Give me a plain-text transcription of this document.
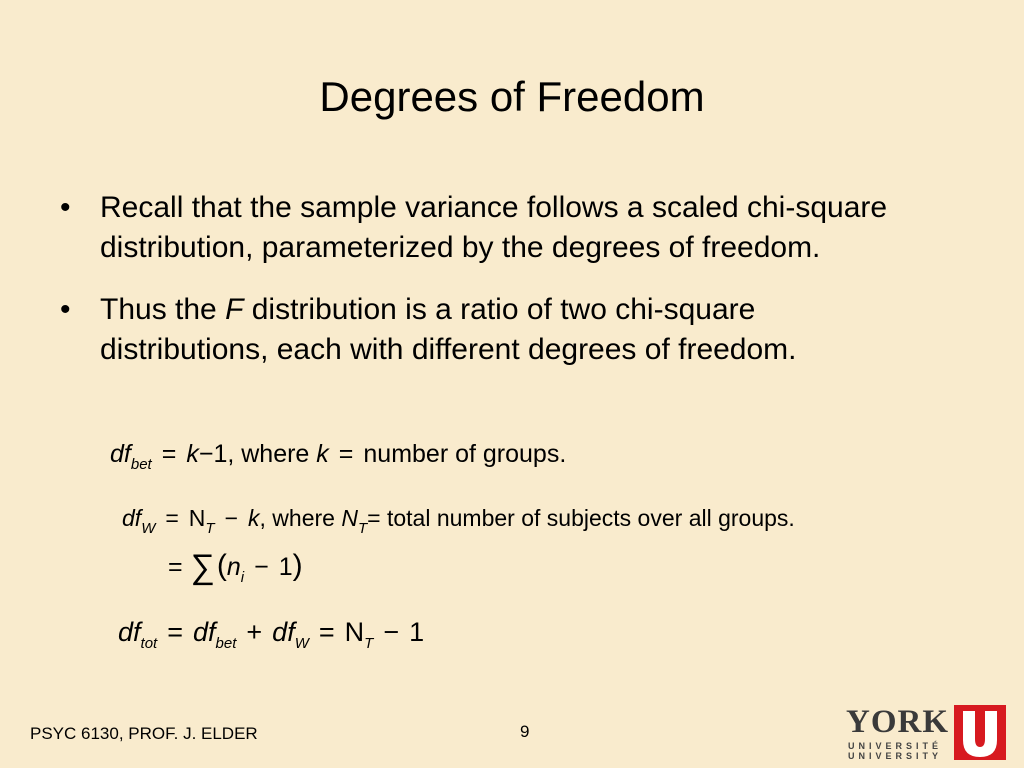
Degrees of Freedom
• Recall that the sample variance follows a scaled chi-square distribution, parameterized by the degrees of freedom.
• Thus the F distribution is a ratio of two chi-square distributions, each with different degrees of freedom.
$df_{bet} = k-1$, where k = number of groups.
$df_W = N_T - k$, where $N_T=$ total number of subjects over all groups.
= $\sum(n_i - 1)$
$df_{tot} = df_{bet} + df_W = N_T - 1$
PSYC 6130, PROF. J. ELDER	9	YORK
UNIVERSITÉ
UNIVERSITY
